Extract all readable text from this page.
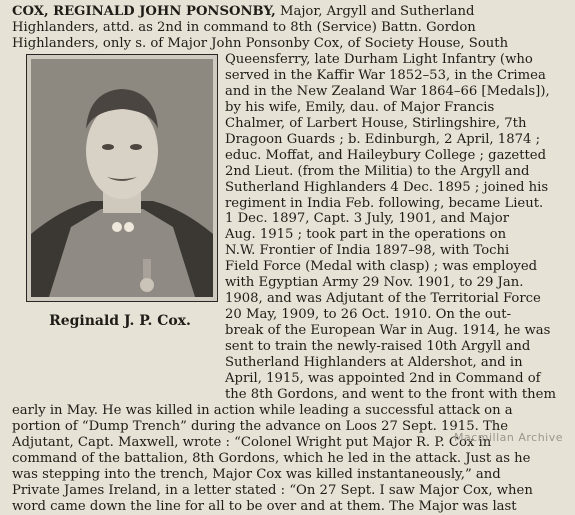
COX, REGINALD JOHN PONSONBY, Major, Argyll and Sutherland
Highlanders, attd. as 2nd in command to 8th (Service) Battn. Gordon
Highlanders, only s. of Major John Ponsonby Cox, of Society House, South
Reginald J. P. Cox.
Queensferry, late Durham Light Infantry (who
served in the Kaffir War 1852–53, in the Crimea
and in the New Zealand War 1864–66 [Medals]),
by his wife, Emily, dau. of Major Francis
Chalmer, of Larbert House, Stirlingshire, 7th
Dragoon Guards ; b. Edinburgh, 2 April, 1874 ;
educ. Moffat, and Haileybury College ; gazetted
2nd Lieut. (from the Militia) to the Argyll and
Sutherland Highlanders 4 Dec. 1895 ; joined his
regiment in India Feb. following, became Lieut.
1 Dec. 1897, Capt. 3 July, 1901, and Major
Aug. 1915 ; took part in the operations on
N.W. Frontier of India 1897–98, with Tochi
Field Force (Medal with clasp) ; was employed
with Egyptian Army 29 Nov. 1901, to 29 Jan.
1908, and was Adjutant of the Territorial Force
20 May, 1909, to 26 Oct. 1910. On the out-
break of the European War in Aug. 1914, he was
sent to train the newly-raised 10th Argyll and
Sutherland Highlanders at Aldershot, and in
April, 1915, was appointed 2nd in Command of
the 8th Gordons, and went to the front with them
early in May. He was killed in action while leading a successful attack on a
portion of “Dump Trench” during the advance on Loos 27 Sept. 1915. The
Adjutant, Capt. Maxwell, wrote : “Colonel Wright put Major R. P. Cox in
command of the battalion, 8th Gordons, which he led in the attack. Just as he
was stepping into the trench, Major Cox was killed instantaneously,” and
Private James Ireland, in a letter stated : “On 27 Sept. I saw Major Cox, when
word came down the line for all to be over and at them. The Major was last
Macmillan Archive
